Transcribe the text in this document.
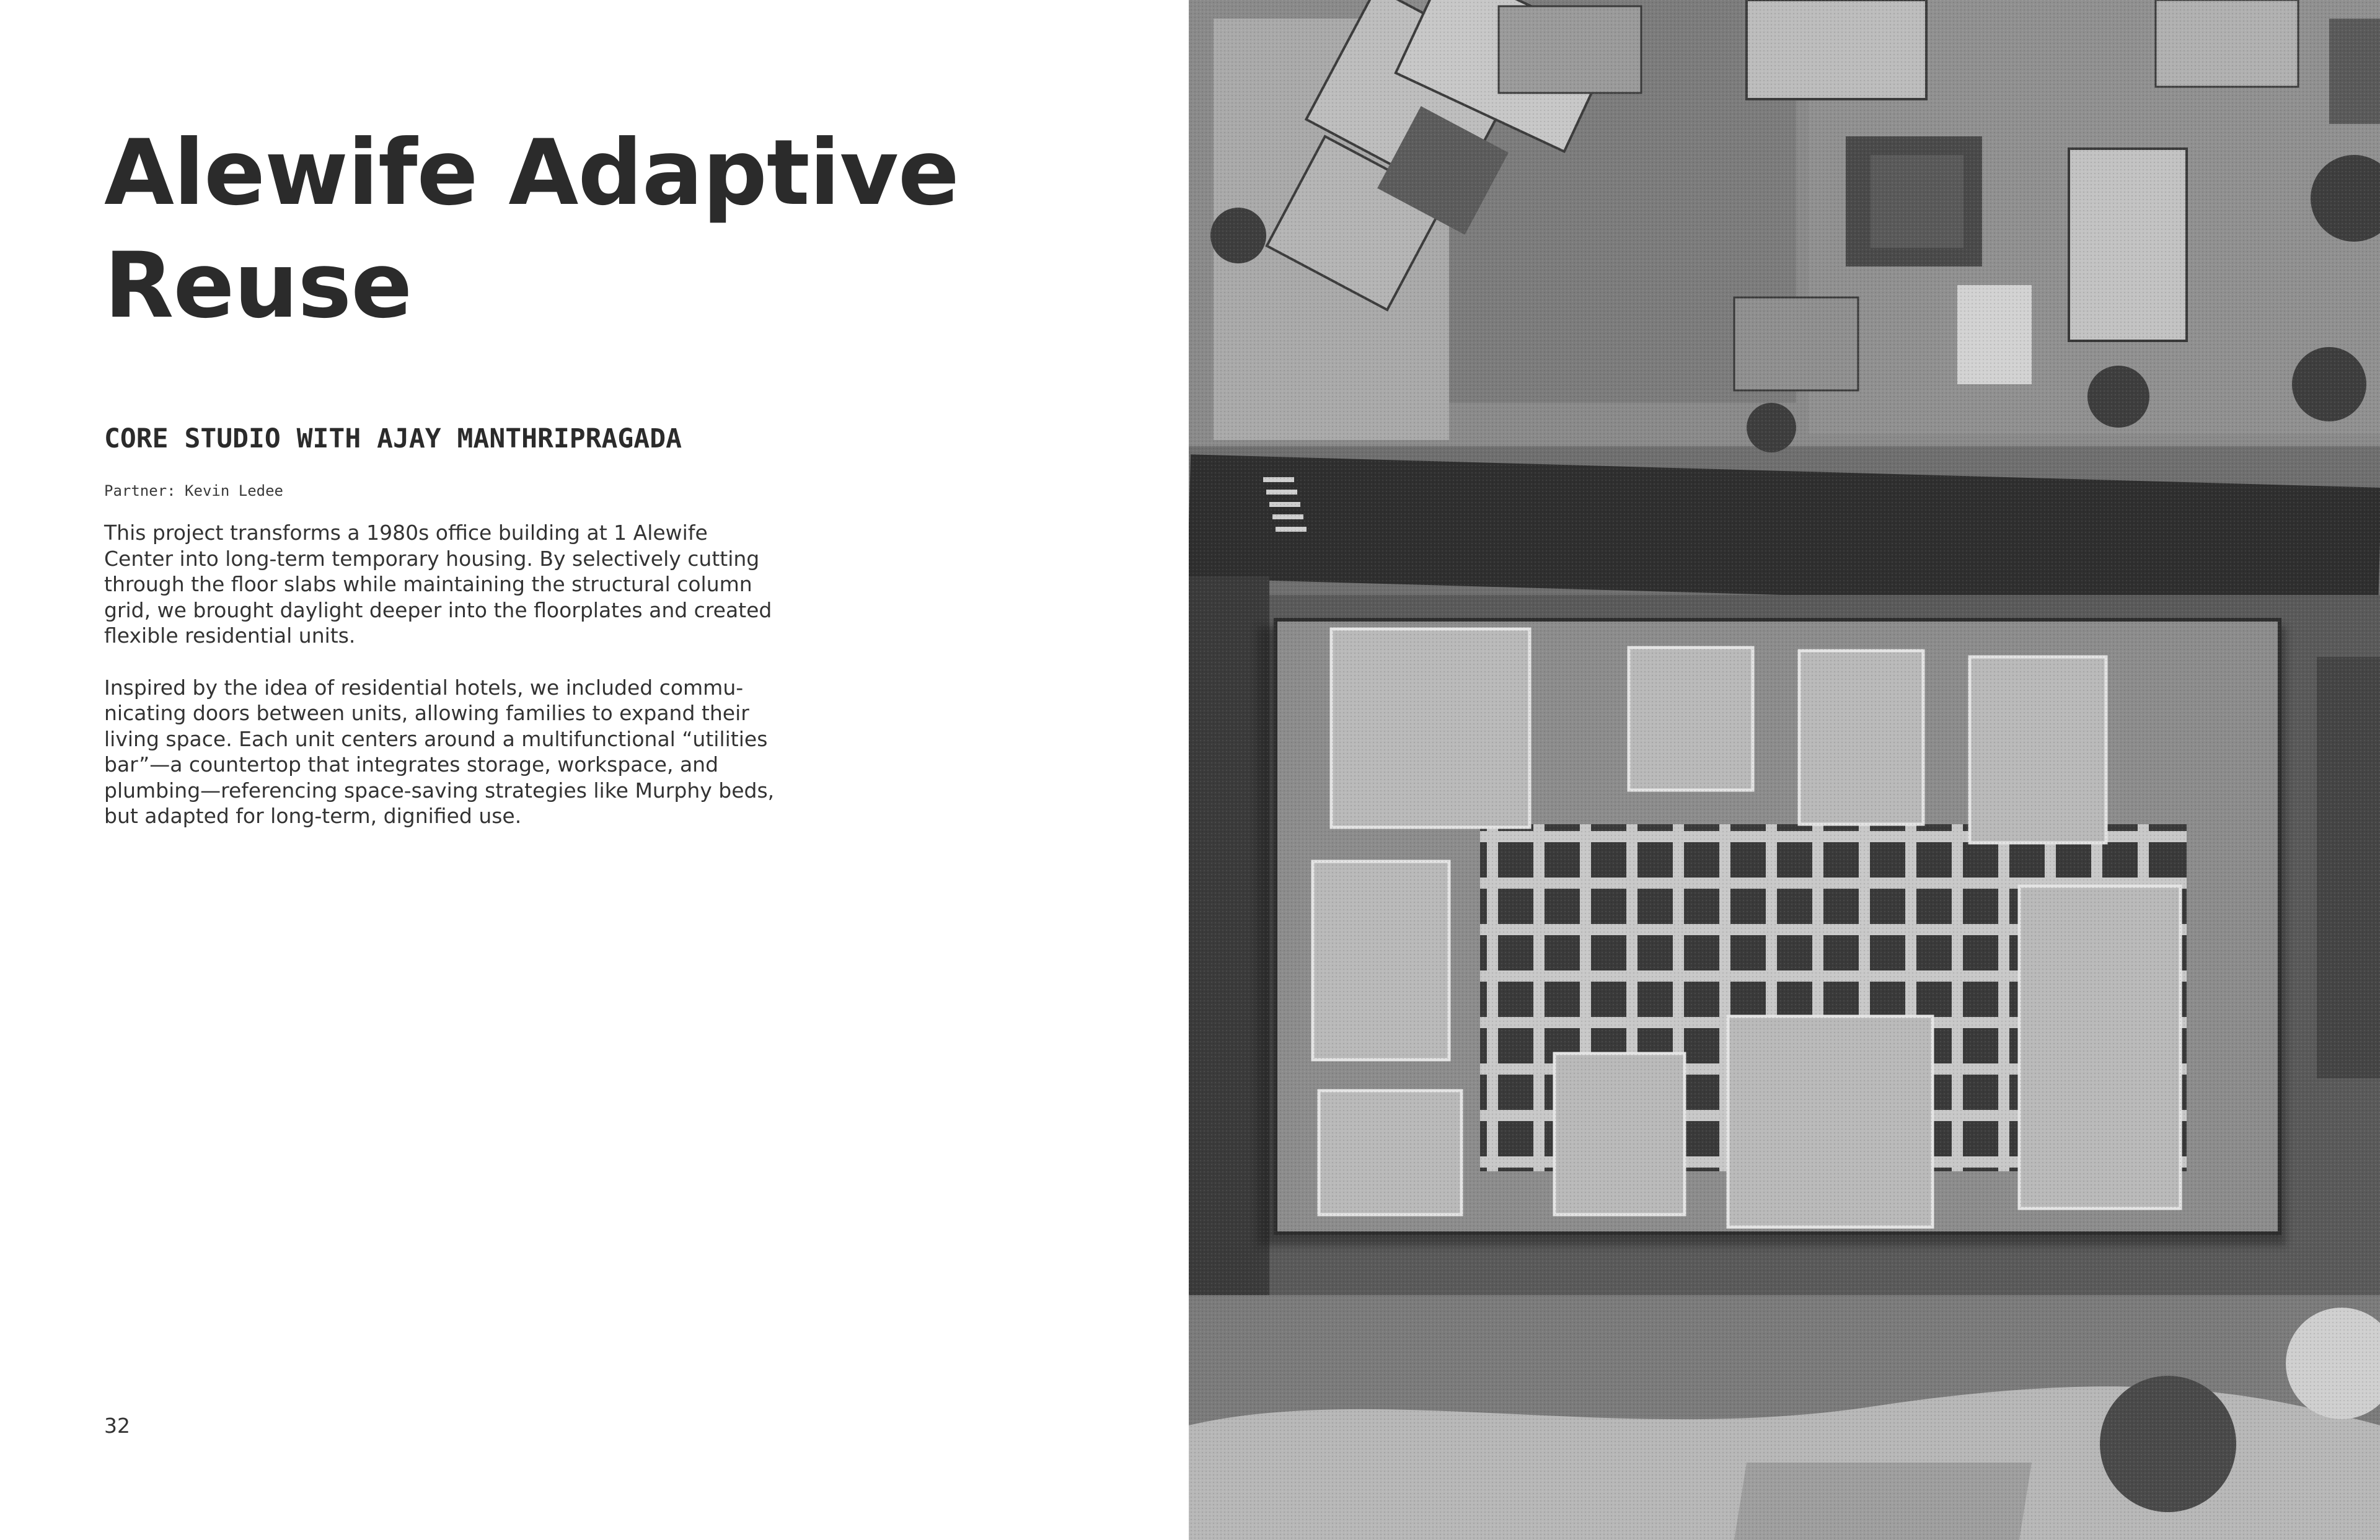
Alewife Adaptive
Reuse
CORE STUDIO WITH AJAY MANTHRIPRAGADA

Partner: Kevin Ledee

This project transforms a 1980s office building at 1 Alewife
Center into long-term temporary housing. By selectively cutting
through the floor slabs while maintaining the structural column
grid, we brought daylight deeper into the floorplates and created
flexible residential units.

Inspired by the idea of residential hotels, we included commu-
nicating doors between units, allowing families to expand their
living space. Each unit centers around a multifunctional “utilities
bar”—a countertop that integrates storage, workspace, and
plumbing—referencing space-saving strategies like Murphy beds,
but adapted for long-term, dignified use.

32
